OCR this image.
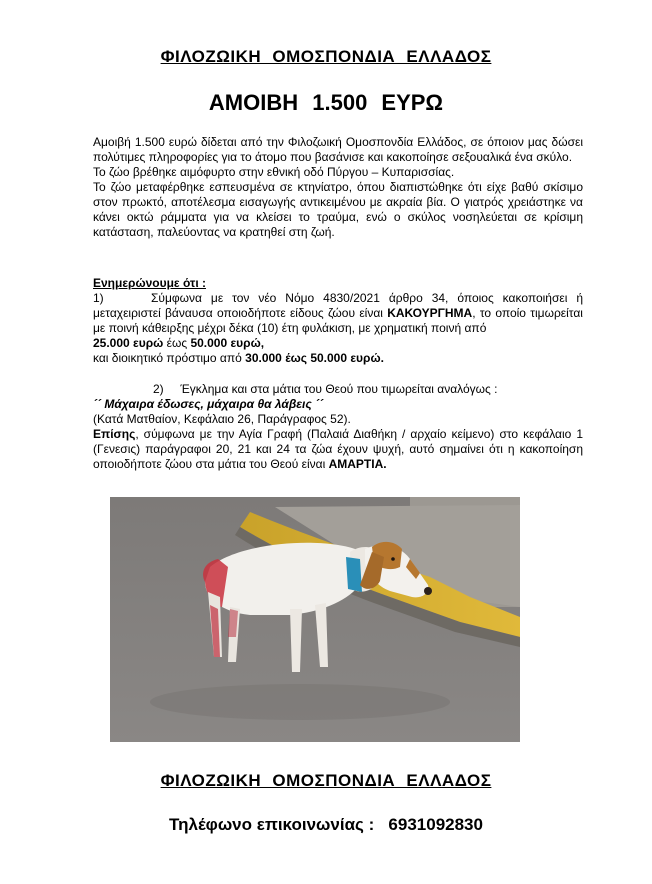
ΦΙΛΟΖΩΙΚΗ ΟΜΟΣΠΟΝΔΙΑ ΕΛΛΑΔΟΣ
ΑΜΟΙΒΗ 1.500 ΕΥΡΩ

Αμοιβή 1.500 ευρώ δίδεται από την Φιλοζωική Ομοσπονδία Ελλάδος, σε όποιον μας δώσει πολύτιμες πληροφορίες για το άτομο που βασάνισε και κακοποίησε σεξουαλικά ένα σκύλο.

Το ζώο βρέθηκε αιμόφυρτο στην εθνική οδό Πύργου – Κυπαρισσίας.

Το ζώο μεταφέρθηκε εσπευσμένα σε κτηνίατρο, όπου διαπιστώθηκε ότι είχε βαθύ σκίσιμο στον πρωκτό, αποτέλεσμα εισαγωγής αντικειμένου με ακραία βία. Ο γιατρός χρειάστηκε να κάνει οκτώ ράμματα για να κλείσει το τραύμα, ενώ ο σκύλος νοσηλεύεται σε κρίσιμη κατάσταση, παλεύοντας να κρατηθεί στη ζωή.

Ενημερώνουμε ότι :

1)	Σύμφωνα με τον νέο Νόμο 4830/2021 άρθρο 34, όποιος κακοποιήσει ή μεταχειριστεί βάναυσα οποιοδήποτε είδους ζώου είναι ΚΑΚΟΥΡΓΗΜΑ, το οποίο τιμωρείται με ποινή κάθειρξης μέχρι δέκα (10) έτη φυλάκιση, με χρηματική ποινή από

25.000 ευρώ έως 50.000 ευρώ,

και διοικητικό πρόστιμο από 30.000 έως 50.000 ευρώ.

2) Έγκλημα και στα μάτια του Θεού που τιμωρείται αναλόγως :

´´ Μάχαιρα έδωσες, μάχαιρα θα λάβεις ´´

(Κατά Ματθαίον, Κεφάλαιο 26, Παράγραφος 52).

Επίσης, σύμφωνα με την Αγία Γραφή (Παλαιά Διαθήκη / αρχαίο κείμενο) στο κεφάλαιο 1 (Γενεσις) παράγραφοι 20, 21 και 24 τα ζώα έχουν ψυχή, αυτό σημαίνει ότι η κακοποίηση οποιοδήποτε ζώου στα μάτια του Θεού είναι ΑΜΑΡΤΙΑ.

ΦΙΛΟΖΩΙΚΗ ΟΜΟΣΠΟΝΔΙΑ ΕΛΛΑΔΟΣ
Τηλέφωνο επικοινωνίας : 6931092830
